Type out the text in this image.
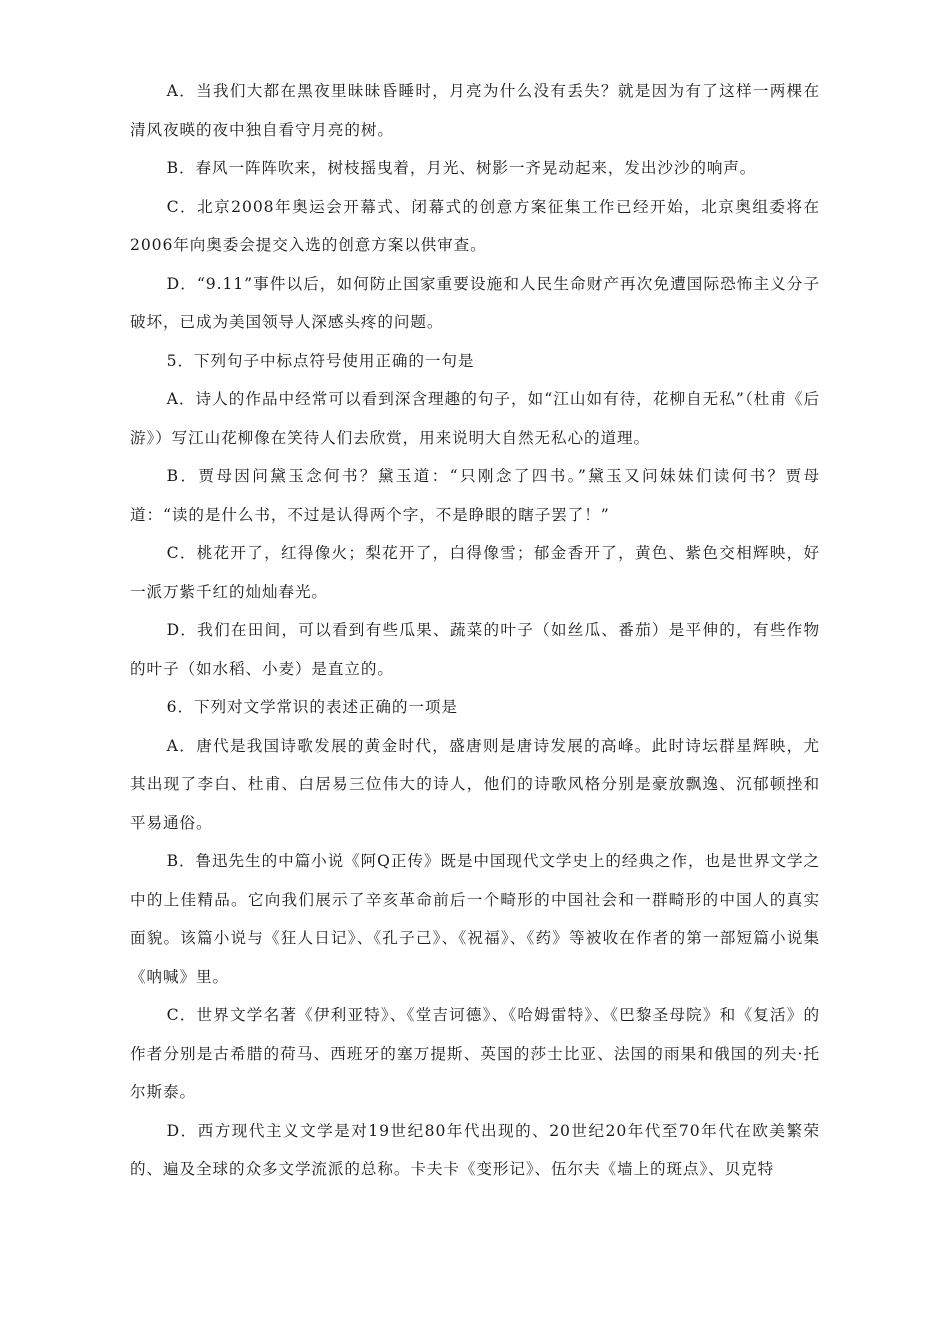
A．当我们大都在黑夜里昧昧昏睡时，月亮为什么没有丢失？就是因为有了这样一两棵在清风夜暎的夜中独自看守月亮的树。

B．春风一阵阵吹来，树枝摇曳着，月光、树影一齐晃动起来，发出沙沙的响声。

C．北京2008年奥运会开幕式、闭幕式的创意方案征集工作已经开始，北京奥组委将在2006年向奥委会提交入选的创意方案以供审查。

D．“9.11”事件以后，如何防止国家重要设施和人民生命财产再次免遭国际恐怖主义分子破坏，已成为美国领导人深感头疼的问题。

5．下列句子中标点符号使用正确的一句是

A．诗人的作品中经常可以看到深含理趣的句子，如“江山如有待，花柳自无私”（杜甫《后游》）写江山花柳像在笑待人们去欣赏，用来说明大自然无私心的道理。

B．贾母因问黛玉念何书？黛玉道：“只刚念了四书。”黛玉又问妹妹们读何书？贾母道：“读的是什么书，不过是认得两个字，不是睁眼的瞎子罢了！”

C．桃花开了，红得像火；梨花开了，白得像雪；郁金香开了，黄色、紫色交相辉映，好一派万紫千红的灿灿春光。

D．我们在田间，可以看到有些瓜果、蔬菜的叶子（如丝瓜、番茄）是平伸的，有些作物的叶子（如水稻、小麦）是直立的。

6．下列对文学常识的表述正确的一项是

A．唐代是我国诗歌发展的黄金时代，盛唐则是唐诗发展的高峰。此时诗坛群星辉映，尤其出现了李白、杜甫、白居易三位伟大的诗人，他们的诗歌风格分别是豪放飘逸、沉郁顿挫和平易通俗。

B．鲁迅先生的中篇小说《阿Q正传》既是中国现代文学史上的经典之作，也是世界文学之中的上佳精品。它向我们展示了辛亥革命前后一个畸形的中国社会和一群畸形的中国人的真实面貌。该篇小说与《狂人日记》、《孔子己》、《祝福》、《药》等被收在作者的第一部短篇小说集《呐喊》里。

C．世界文学名著《伊利亚特》、《堂吉诃德》、《哈姆雷特》、《巴黎圣母院》和《复活》的作者分别是古希腊的荷马、西班牙的塞万提斯、英国的莎士比亚、法国的雨果和俄国的列夫·托尔斯泰。

D．西方现代主义文学是对19世纪80年代出现的、20世纪20年代至70年代在欧美繁荣的、遍及全球的众多文学流派的总称。卡夫卡《变形记》、伍尔夫《墙上的斑点》、贝克特
